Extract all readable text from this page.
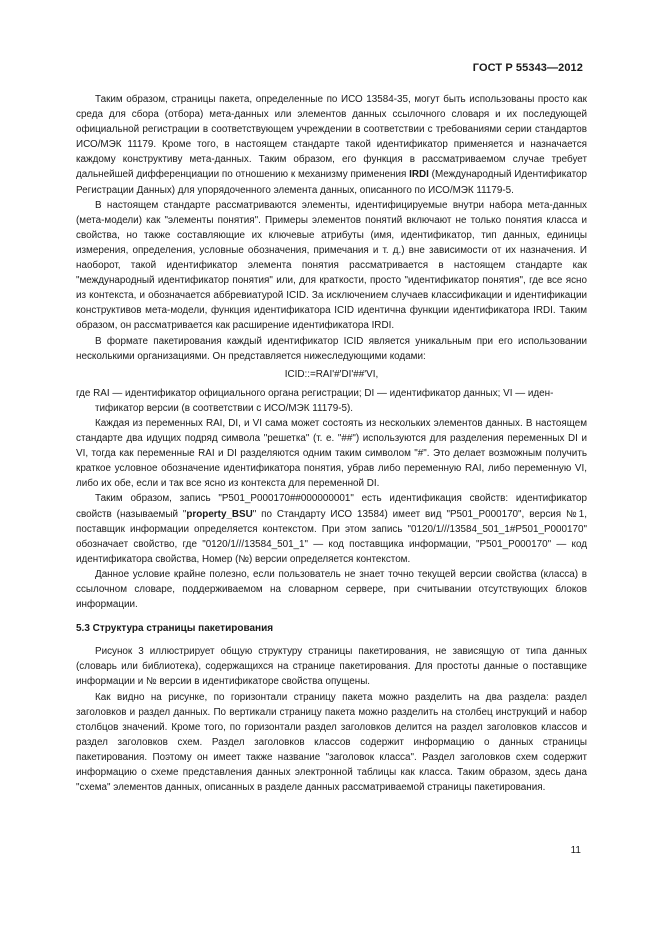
ГОСТ Р 55343—2012

Таким образом, страницы пакета, определенные по ИСО 13584-35, могут быть использованы просто как среда для сбора (отбора) мета-данных или элементов данных ссылочного словаря и их последующей официальной регистрации в соответствующем учреждении в соответствии с требованиями серии стандартов ИСО/МЭК 11179. Кроме того, в настоящем стандарте такой идентификатор применяется и назначается каждому конструктиву мета-данных. Таким образом, его функция в рассматриваемом случае требует дальнейшей дифференциации по отношению к механизму применения IRDI (Международный Идентификатор Регистрации Данных) для упорядоченного элемента данных, описанного по ИСО/МЭК 11179-5.

В настоящем стандарте рассматриваются элементы, идентифицируемые внутри набора мета-данных (мета-модели) как "элементы понятия". Примеры элементов понятий включают не только понятия класса и свойства, но также составляющие их ключевые атрибуты (имя, идентификатор, тип данных, единицы измерения, определения, условные обозначения, примечания и т. д.) вне зависимости от их назначения. И наоборот, такой идентификатор элемента понятия рассматривается в настоящем стандарте как "международный идентификатор понятия" или, для краткости, просто "идентификатор понятия", где все ясно из контекста, и обозначается аббревиатурой ICID. За исключением случаев классификации и идентификации конструктивов мета-модели, функция идентификатора ICID идентична функции идентификатора IRDI. Таким образом, он рассматривается как расширение идентификатора IRDI.

В формате пакетирования каждый идентификатор ICID является уникальным при его использовании несколькими организациями. Он представляется нижеследующими кодами:

ICID::=RAI'#'DI'##'VI,

где RAI — идентификатор официального органа регистрации; DI — идентификатор данных; VI — иден-

тификатор версии (в соответствии с ИСО/МЭК 11179-5).

Каждая из переменных RAI, DI, и VI сама может состоять из нескольких элементов данных. В настоящем стандарте два идущих подряд символа "решетка" (т. е. "##") используются для разделения переменных DI и VI, тогда как переменные RAI и DI разделяются одним таким символом "#". Это делает возможным получить краткое условное обозначение идентификатора понятия, убрав либо переменную RAI, либо переменную VI, либо их обе, если и так все ясно из контекста для переменной DI.

Таким образом, запись "P501_P000170##000000001" есть идентификация свойств: идентификатор свойств (называемый "property_BSU" по Стандарту ИСО 13584) имеет вид "P501_P000170", версия №1, поставщик информации определяется контекстом. При этом запись "0120/1///13584_501_1#P501_P000170" обозначает свойство, где "0120/1///13584_501_1" — код поставщика информации, "P501_P000170" — код идентификатора свойства, Номер (№) версии определяется контекстом.

Данное условие крайне полезно, если пользователь не знает точно текущей версии свойства (класса) в ссылочном словаре, поддерживаемом на словарном сервере, при считывании отсутствующих блоков информации.

5.3 Структура страницы пакетирования

Рисунок 3 иллюстрирует общую структуру страницы пакетирования, не зависящую от типа данных (словарь или библиотека), содержащихся на странице пакетирования. Для простоты данные о поставщике информации и № версии в идентификаторе свойства опущены.

Как видно на рисунке, по горизонтали страницу пакета можно разделить на два раздела: раздел заголовков и раздел данных. По вертикали страницу пакета можно разделить на столбец инструкций и набор столбцов значений. Кроме того, по горизонтали раздел заголовков делится на раздел заголовков классов и раздел заголовков схем. Раздел заголовков классов содержит информацию о данных страницы пакетирования. Поэтому он имеет также название "заголовок класса". Раздел заголовков схем содержит информацию о схеме представления данных электронной таблицы как класса. Таким образом, здесь дана "схема" элементов данных, описанных в разделе данных рассматриваемой страницы пакетирования.

11
